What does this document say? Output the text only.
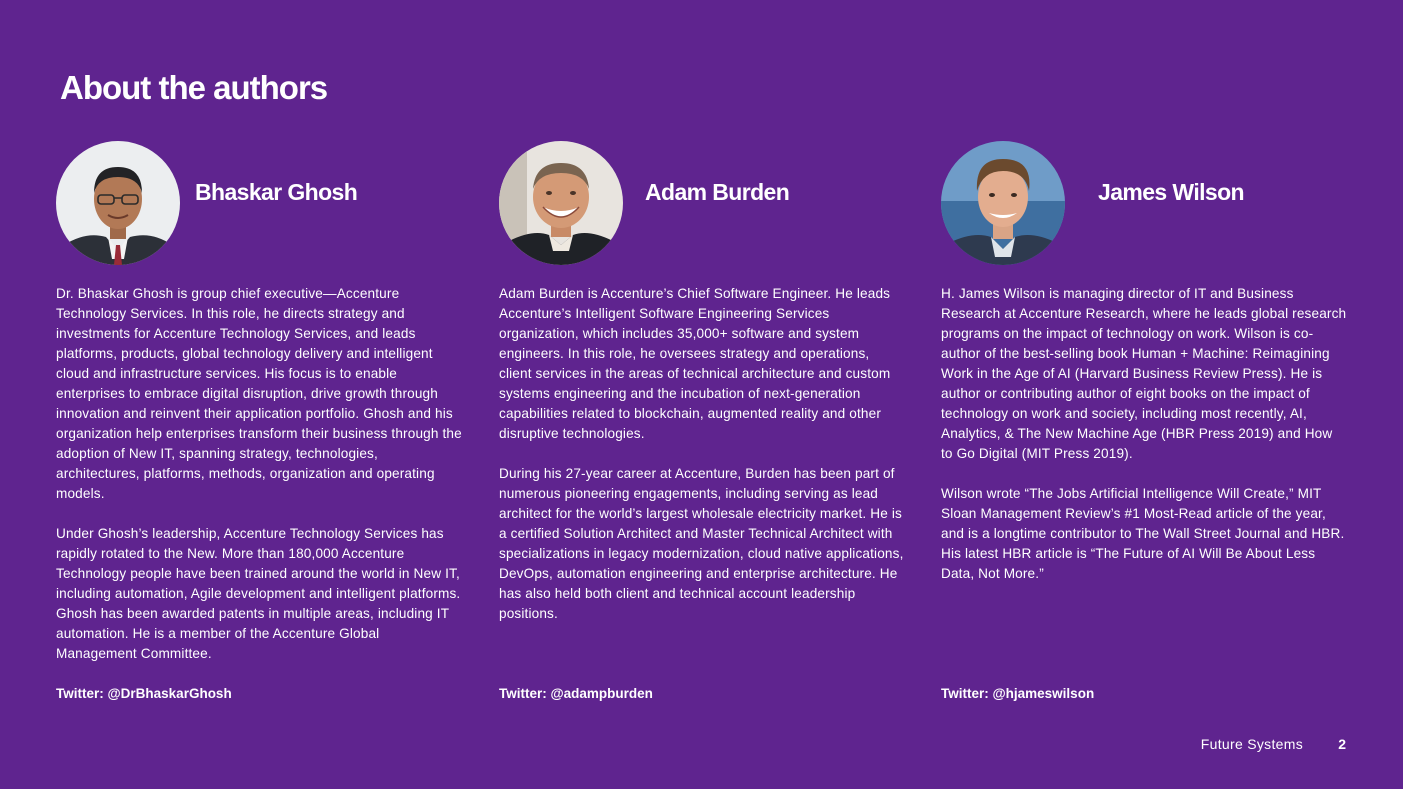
About the authors
Bhaskar Ghosh

Dr. Bhaskar Ghosh is group chief executive—Accenture Technology Services. In this role, he directs strategy and investments for Accenture Technology Services, and leads platforms, products, global technology delivery and intelligent cloud and infrastructure services. His focus is to enable enterprises to embrace digital disruption, drive growth through innovation and reinvent their application portfolio. Ghosh and his organization help enterprises transform their business through the adoption of New IT, spanning strategy, technologies, architectures, platforms, methods, organization and operating models.

Under Ghosh’s leadership, Accenture Technology Services has rapidly rotated to the New. More than 180,000 Accenture Technology people have been trained around the world in New IT, including automation, Agile development and intelligent platforms. Ghosh has been awarded patents in multiple areas, including IT automation. He is a member of the Accenture Global Management Committee.

Twitter: @DrBhaskarGhosh
Adam Burden

Adam Burden is Accenture’s Chief Software Engineer. He leads Accenture’s Intelligent Software Engineering Services organization, which includes 35,000+ software and system engineers. In this role, he oversees strategy and operations, client services in the areas of technical architecture and custom systems engineering and the incubation of next-generation capabilities related to blockchain, augmented reality and other disruptive technologies.

During his 27-year career at Accenture, Burden has been part of numerous pioneering engagements, including serving as lead architect for the world’s largest wholesale electricity market. He is a certified Solution Architect and Master Technical Architect with specializations in legacy modernization, cloud native applications, DevOps, automation engineering and enterprise architecture. He has also held both client and technical account leadership positions.

Twitter: @adampburden
James Wilson

H. James Wilson is managing director of IT and Business Research at Accenture Research, where he leads global research programs on the impact of technology on work. Wilson is co-author of the best-selling book Human + Machine: Reimagining Work in the Age of AI (Harvard Business Review Press). He is author or contributing author of eight books on the impact of technology on work and society, including most recently, AI, Analytics, & The New Machine Age (HBR Press 2019) and How to Go Digital (MIT Press 2019).

Wilson wrote “The Jobs Artificial Intelligence Will Create,” MIT Sloan Management Review’s #1 Most-Read article of the year, and is a longtime contributor to The Wall Street Journal and HBR. His latest HBR article is “The Future of AI Will Be About Less Data, Not More.”

Twitter: @hjameswilson
Future Systems	2
